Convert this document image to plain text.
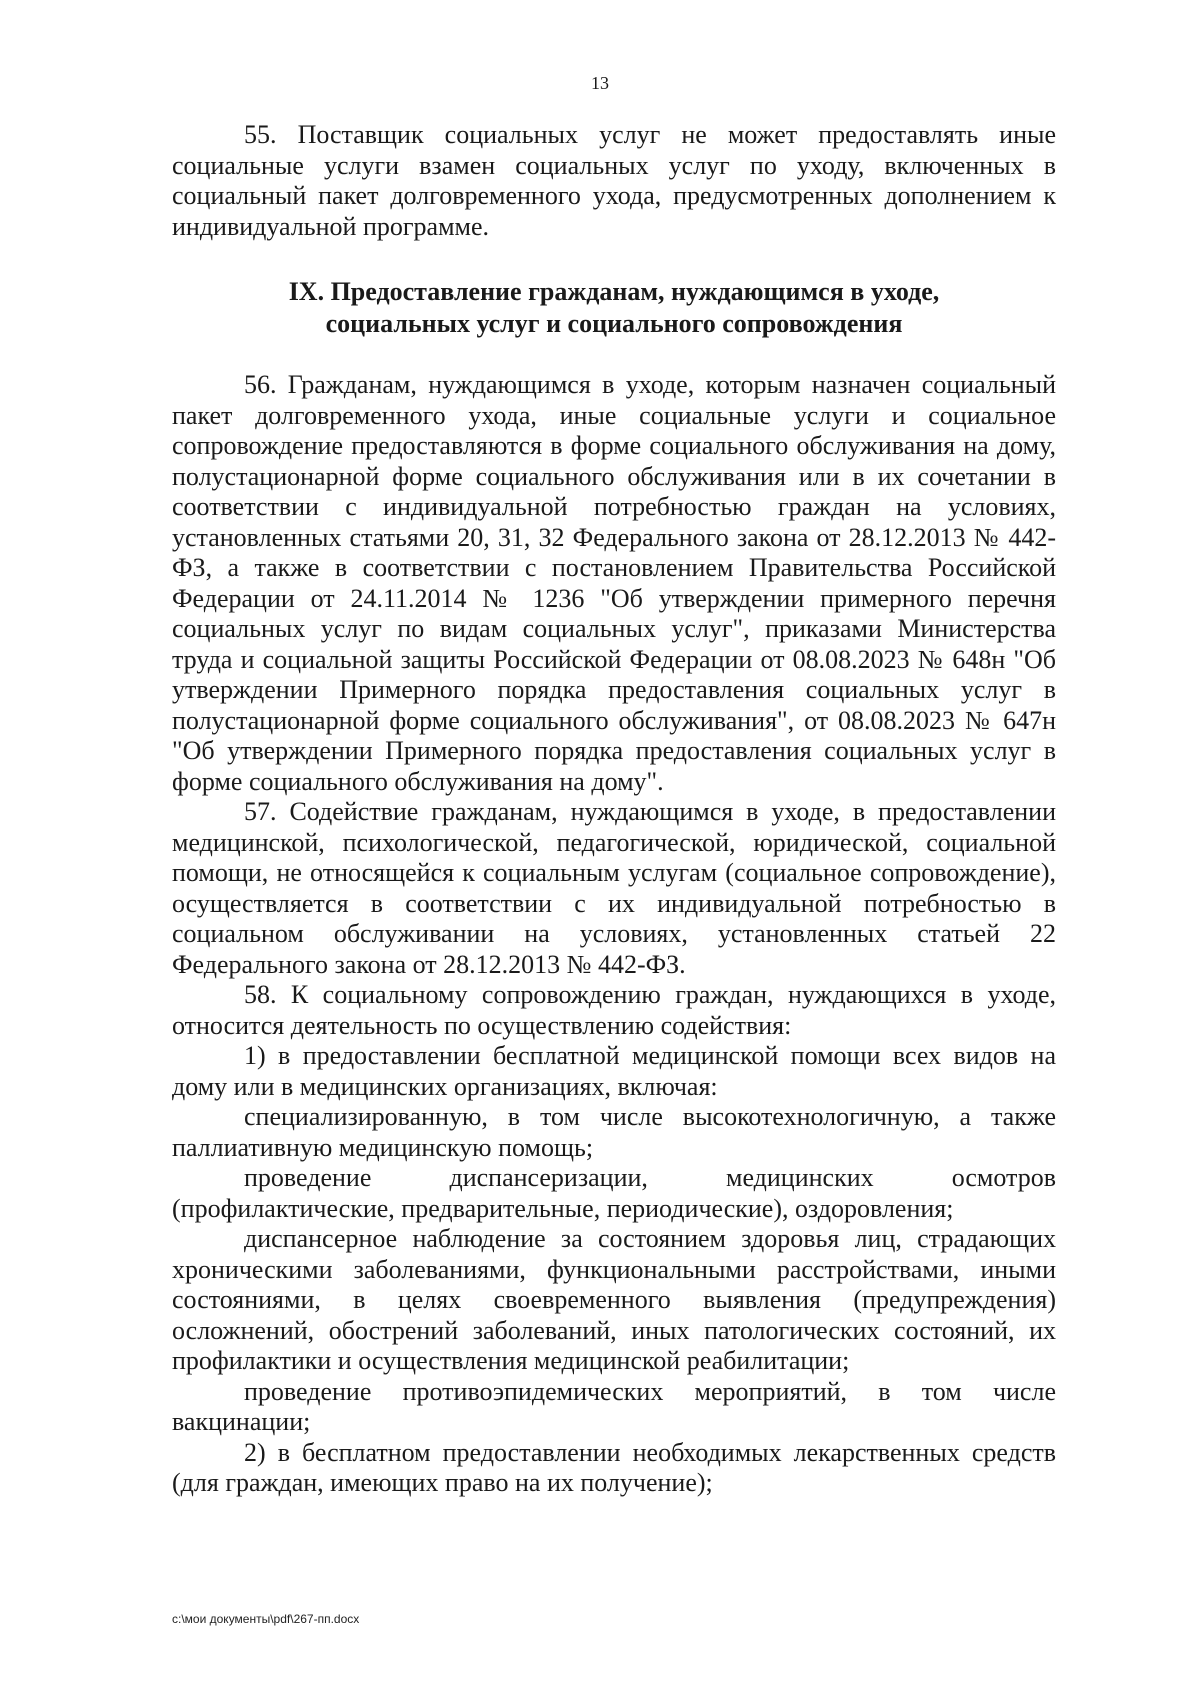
13

55. Поставщик социальных услуг не может предоставлять иные социальные услуги взамен социальных услуг по уходу, включенных в социальный пакет долговременного ухода, предусмотренных дополнением к индивидуальной программе.

IX. Предоставление гражданам, нуждающимся в уходе,
социальных услуг и социального сопровождения

56. Гражданам, нуждающимся в уходе, которым назначен социальный пакет долговременного ухода, иные социальные услуги и социальное сопровождение предоставляются в форме социального обслуживания на дому, полустационарной форме социального обслуживания или в их сочетании в соответствии с индивидуальной потребностью граждан на условиях, установленных статьями 20, 31, 32 Федерального закона от 28.12.2013 № 442-ФЗ, а также в соответствии с постановлением Правительства Российской Федерации от 24.11.2014 № 1236 "Об утверждении примерного перечня социальных услуг по видам социальных услуг", приказами Министерства труда и социальной защиты Российской Федерации от 08.08.2023 № 648н "Об утверждении Примерного порядка предоставления социальных услуг в полустационарной форме социального обслуживания", от 08.08.2023 № 647н "Об утверждении Примерного порядка предоставления социальных услуг в форме социального обслуживания на дому".

57. Содействие гражданам, нуждающимся в уходе, в предоставлении медицинской, психологической, педагогической, юридической, социальной помощи, не относящейся к социальным услугам (социальное сопровождение), осуществляется в соответствии с их индивидуальной потребностью в социальном обслуживании на условиях, установленных статьей 22 Федерального закона от 28.12.2013 № 442-ФЗ.

58. К социальному сопровождению граждан, нуждающихся в уходе, относится деятельность по осуществлению содействия:

1) в предоставлении бесплатной медицинской помощи всех видов на дому или в медицинских организациях, включая:

специализированную, в том числе высокотехнологичную, а также паллиативную медицинскую помощь;

проведение диспансеризации, медицинских осмотров (профилактические, предварительные, периодические), оздоровления;

диспансерное наблюдение за состоянием здоровья лиц, страдающих хроническими заболеваниями, функциональными расстройствами, иными состояниями, в целях своевременного выявления (предупреждения) осложнений, обострений заболеваний, иных патологических состояний, их профилактики и осуществления медицинской реабилитации;

проведение противоэпидемических мероприятий, в том числе вакцинации;

2) в бесплатном предоставлении необходимых лекарственных средств (для граждан, имеющих право на их получение);

c:\мои документы\pdf\267-пп.docx
